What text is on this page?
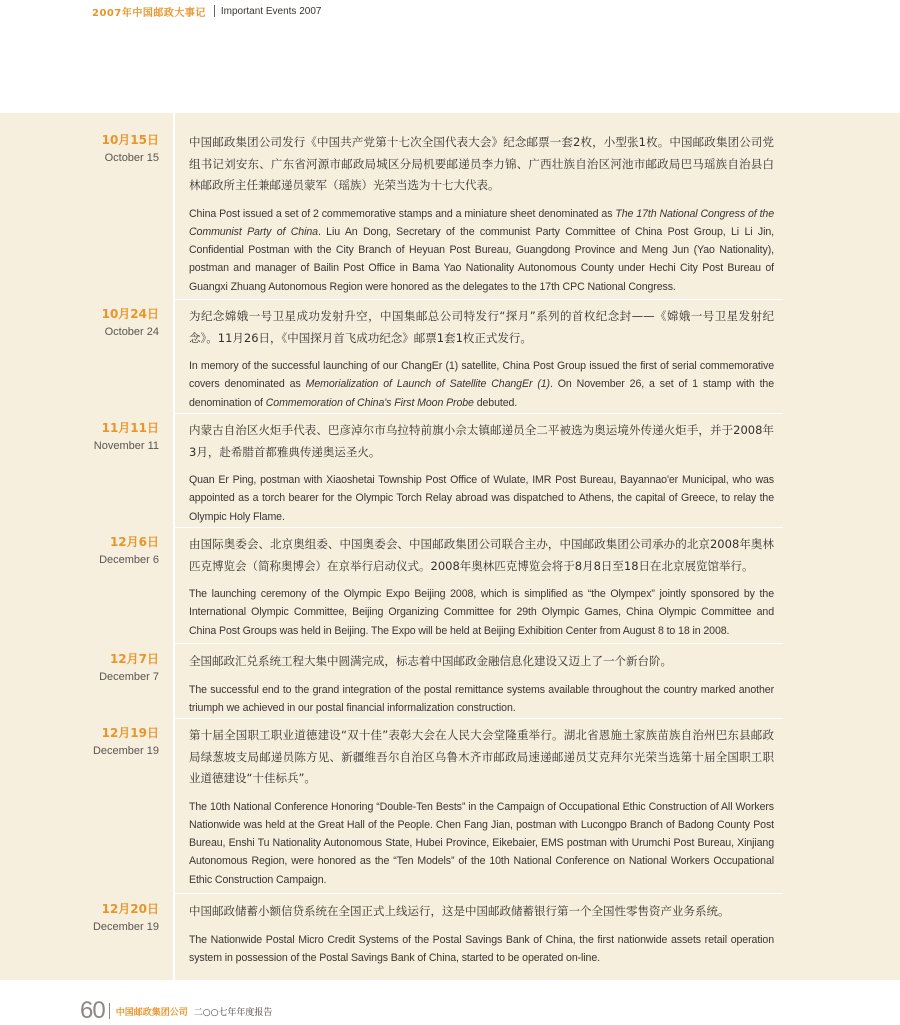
2007年中国邮政大事记 Important Events 2007
10月15日
October 15

中国邮政集团公司发行《中国共产党第十七次全国代表大会》纪念邮票一套2枚，小型张1枚。中国邮政集团公司党组书记刘安东、广东省河源市邮政局城区分局机要邮递员李力锦、广西壮族自治区河池市邮政局巴马瑶族自治县白林邮政所主任兼邮递员蒙军（瑶族）光荣当选为十七大代表。

China Post issued a set of 2 commemorative stamps and a miniature sheet denominated as The 17th National Congress of the Communist Party of China. Liu An Dong, Secretary of the communist Party Committee of China Post Group, Li Li Jin, Confidential Postman with the City Branch of Heyuan Post Bureau, Guangdong Province and Meng Jun (Yao Nationality), postman and manager of Bailin Post Office in Bama Yao Nationality Autonomous County under Hechi City Post Bureau of Guangxi Zhuang Autonomous Region were honored as the delegates to the 17th CPC National Congress.

10月24日
October 24

为纪念嫦娥一号卫星成功发射升空，中国集邮总公司特发行“探月”系列的首枚纪念封——《嫦娥一号卫星发射纪念》。11月26日，《中国探月首飞成功纪念》邮票1套1枚正式发行。

In memory of the successful launching of our ChangEr (1) satellite, China Post Group issued the first of serial commemorative covers denominated as Memorialization of Launch of Satellite ChangEr (1). On November 26, a set of 1 stamp with the denomination of Commemoration of China's First Moon Probe debuted.

11月11日
November 11

内蒙古自治区火炬手代表、巴彦淖尔市乌拉特前旗小佘太镇邮递员全二平被选为奥运境外传递火炬手，并于2008年3月，赴希腊首都雅典传递奥运圣火。

Quan Er Ping, postman with Xiaoshetai Township Post Office of Wulate, IMR Post Bureau, Bayannao'er Municipal, who was appointed as a torch bearer for the Olympic Torch Relay abroad was dispatched to Athens, the capital of Greece, to relay the Olympic Holy Flame.

12月6日
December 6

由国际奥委会、北京奥组委、中国奥委会、中国邮政集团公司联合主办，中国邮政集团公司承办的北京2008年奥林匹克博览会（简称奥博会）在京举行启动仪式。2008年奥林匹克博览会将于8月8日至18日在北京展览馆举行。

The launching ceremony of the Olympic Expo Beijing 2008, which is simplified as “the Olympex” jointly sponsored by the International Olympic Committee, Beijing Organizing Committee for 29th Olympic Games, China Olympic Committee and China Post Groups was held in Beijing. The Expo will be held at Beijing Exhibition Center from August 8 to 18 in 2008.

12月7日
December 7

全国邮政汇兑系统工程大集中圆满完成，标志着中国邮政金融信息化建设又迈上了一个新台阶。

The successful end to the grand integration of the postal remittance systems available throughout the country marked another triumph we achieved in our postal financial informalization construction.

12月19日
December 19

第十届全国职工职业道德建设“双十佳”表彰大会在人民大会堂隆重举行。湖北省恩施土家族苗族自治州巴东县邮政局绿葱坡支局邮递员陈方见、新疆维吾尔自治区乌鲁木齐市邮政局速递邮递员艾克拜尔光荣当选第十届全国职工职业道德建设“十佳标兵”。

The 10th National Conference Honoring “Double-Ten Bests” in the Campaign of Occupational Ethic Construction of All Workers Nationwide was held at the Great Hall of the People. Chen Fang Jian, postman with Lucongpo Branch of Badong County Post Bureau, Enshi Tu Nationality Autonomous State, Hubei Province, Eikebaier, EMS postman with Urumchi Post Bureau, Xinjiang Autonomous Region, were honored as the “Ten Models” of the 10th National Conference on National Workers Occupational Ethic Construction Campaign.

12月20日
December 19

中国邮政储蓄小额信贷系统在全国正式上线运行，这是中国邮政储蓄银行第一个全国性零售资产业务系统。

The Nationwide Postal Micro Credit Systems of the Postal Savings Bank of China, the first nationwide assets retail operation system in possession of the Postal Savings Bank of China, started to be operated on-line.

60 中国邮政集团公司 二○○七年年度报告
